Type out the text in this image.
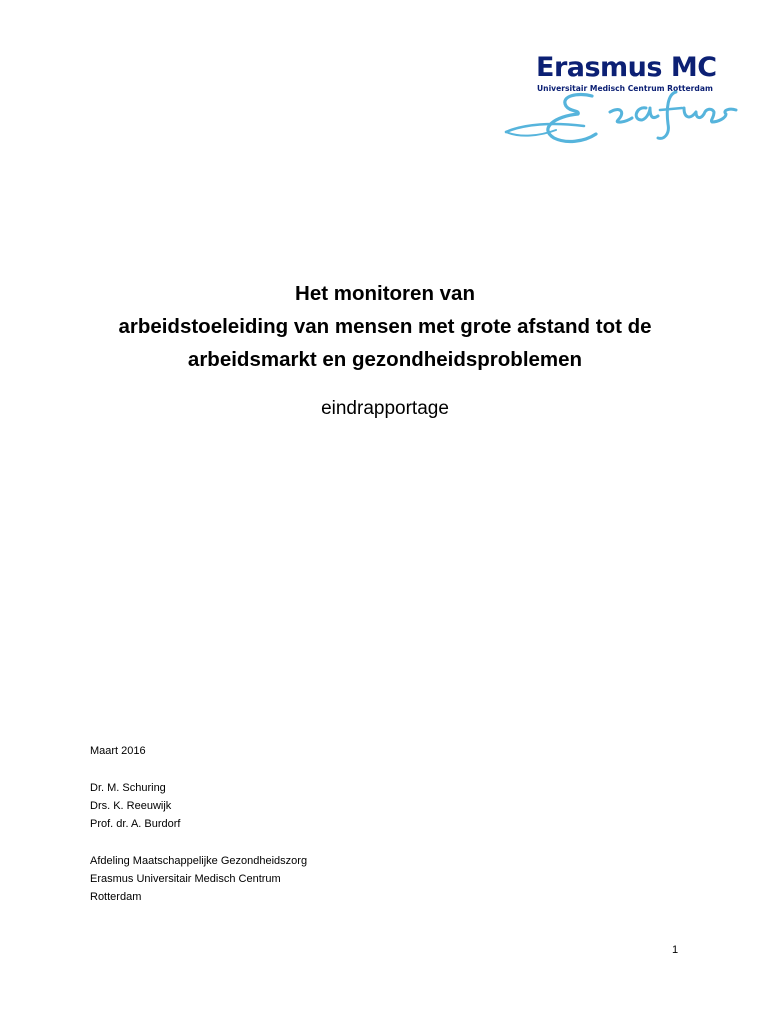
Erasmus MC
Universitair Medisch Centrum Rotterdam
Het monitoren van
arbeidstoeleiding van mensen met grote afstand tot de
arbeidsmarkt en gezondheidsproblemen
eindrapportage
Maart 2016
Dr. M. Schuring
Drs. K. Reeuwijk
Prof. dr. A. Burdorf
Afdeling Maatschappelijke Gezondheidszorg
Erasmus Universitair Medisch Centrum
Rotterdam
1
